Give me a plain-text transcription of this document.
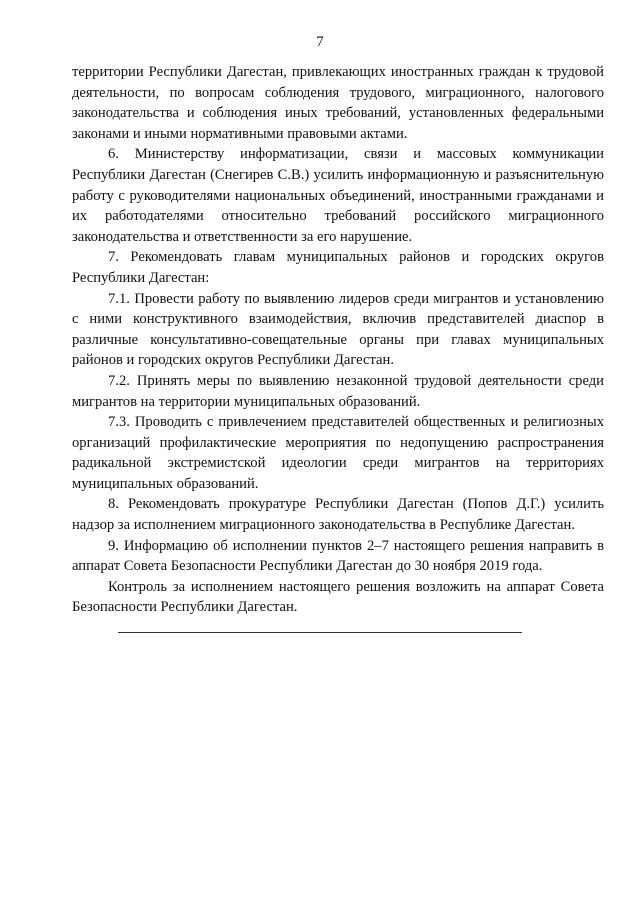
7

территории Республики Дагестан, привлекающих иностранных граждан к трудовой деятельности, по вопросам соблюдения трудового, миграционного, налогового законодательства и соблюдения иных требований, установленных федеральными законами и иными нормативными правовыми актами.

6. Министерству информатизации, связи и массовых коммуникации Республики Дагестан (Снегирев С.В.) усилить информационную и разъяснительную работу с руководителями национальных объединений, иностранными гражданами и их работодателями относительно требований российского миграционного законодательства и ответственности за его нарушение.

7. Рекомендовать главам муниципальных районов и городских округов Республики Дагестан:

7.1. Провести работу по выявлению лидеров среди мигрантов и установлению с ними конструктивного взаимодействия, включив представителей диаспор в различные консультативно-совещательные органы при главах муниципальных районов и городских округов Республики Дагестан.

7.2. Принять меры по выявлению незаконной трудовой деятельности среди мигрантов на территории муниципальных образований.

7.3. Проводить с привлечением представителей общественных и религиозных организаций профилактические мероприятия по недопущению распространения радикальной экстремистской идеологии среди мигрантов на территориях муниципальных образований.

8. Рекомендовать прокуратуре Республики Дагестан (Попов Д.Г.) усилить надзор за исполнением миграционного законодательства в Республике Дагестан.

9. Информацию об исполнении пунктов 2–7 настоящего решения направить в аппарат Совета Безопасности Республики Дагестан до 30 ноября 2019 года.

Контроль за исполнением настоящего решения возложить на аппарат Совета Безопасности Республики Дагестан.
